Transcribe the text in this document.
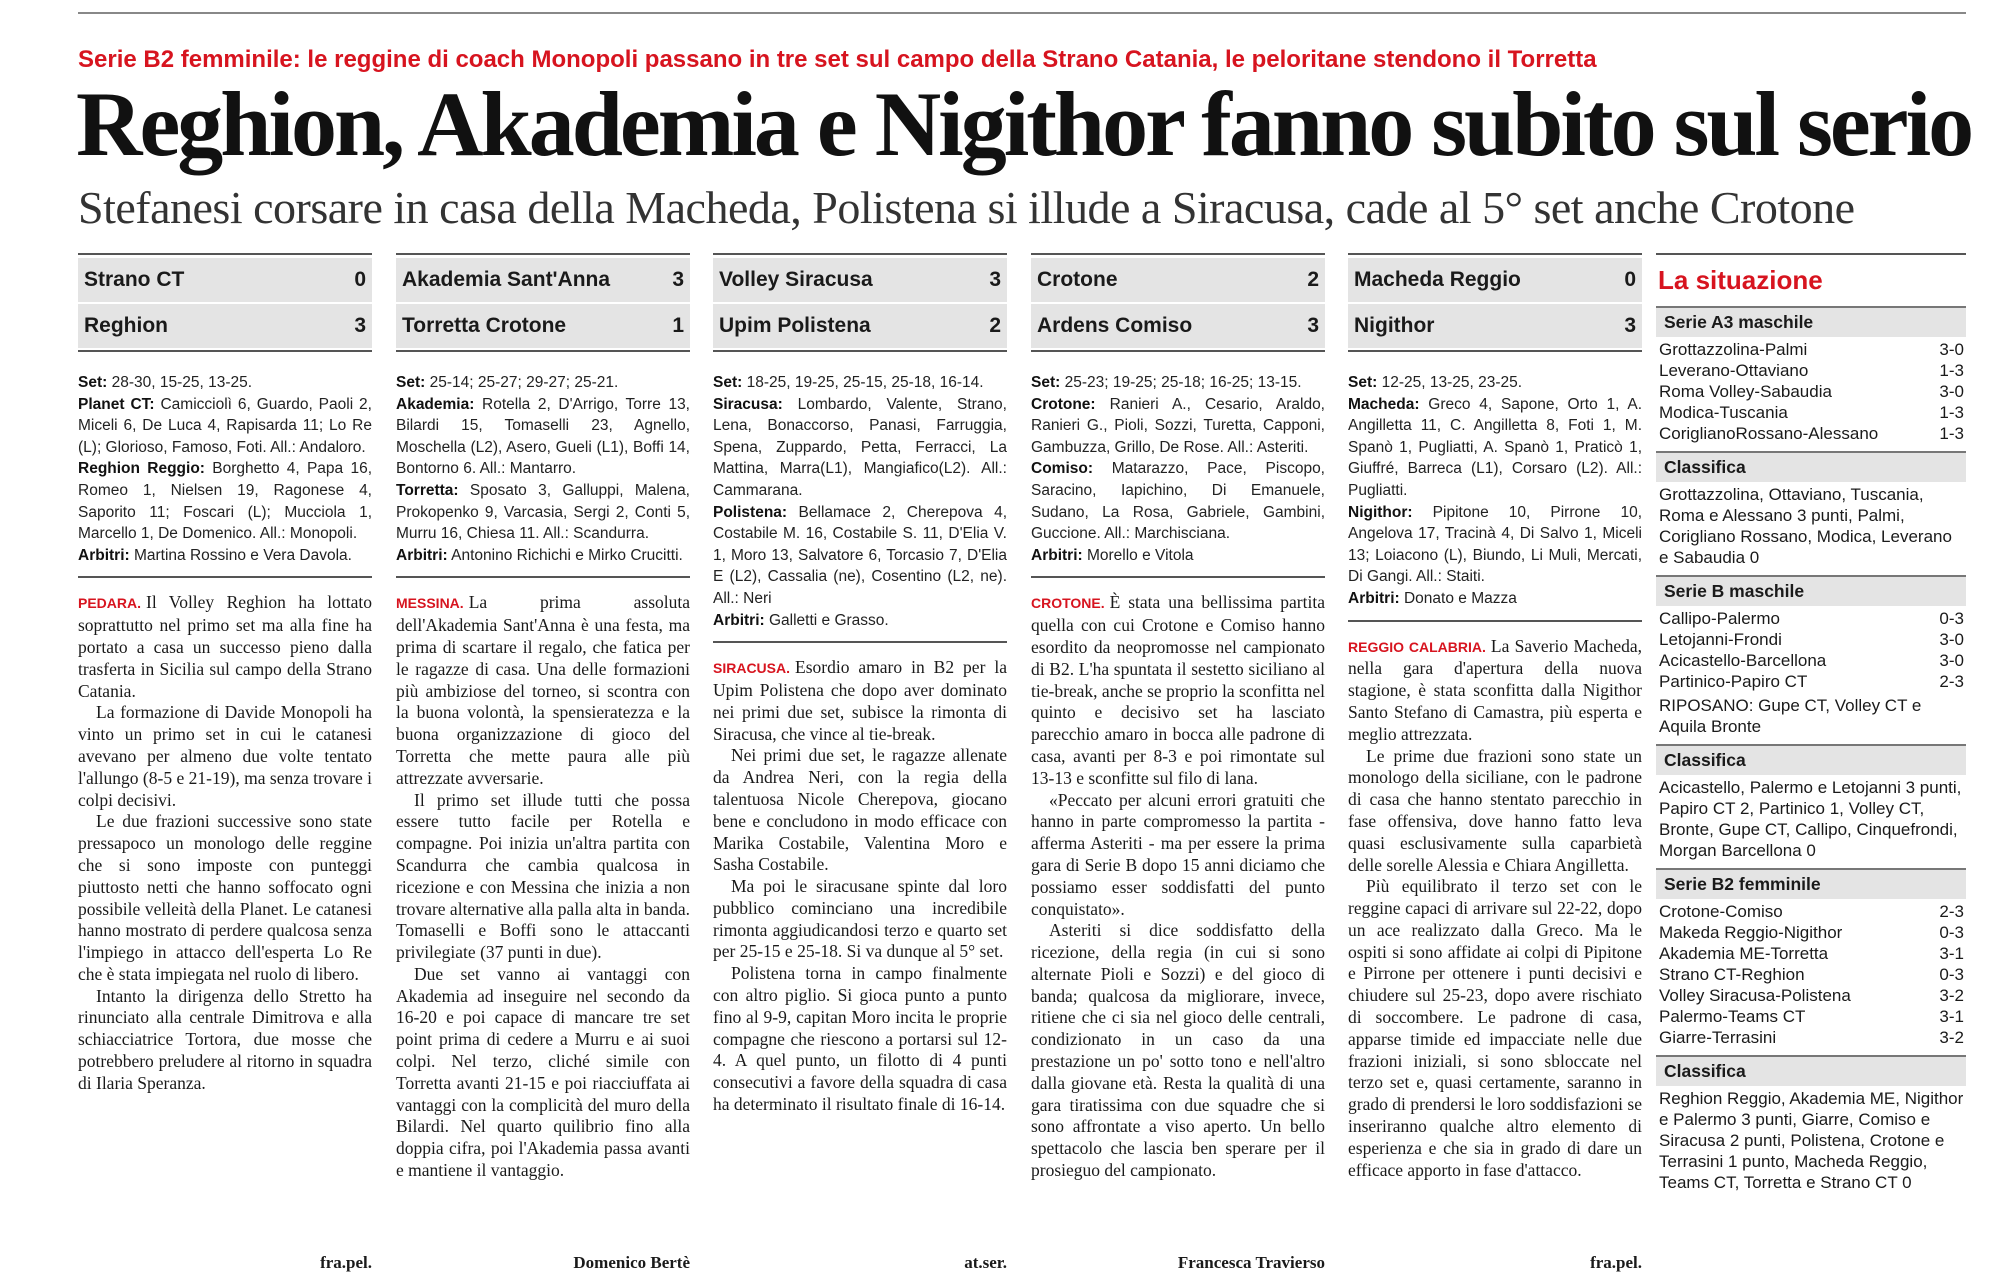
Serie B2 femminile: le reggine di coach Monopoli passano in tre set sul campo della Strano Catania, le peloritane stendono il Torretta
Reghion, Akademia e Nigithor fanno subito sul serio
Stefanesi corsare in casa della Macheda, Polistena si illude a Siracusa, cade al 5° set anche Crotone
Strano CT	0
Reghion	3
Set: 28-30, 15-25, 13-25.
Planet CT: Camicciolì 6, Guardo, Paoli 2, Miceli 6, De Luca 4, Rapisarda 11; Lo Re (L); Glorioso, Famoso, Foti. All.: Andaloro.
Reghion Reggio: Borghetto 4, Papa 16, Romeo 1, Nielsen 19, Ragonese 4, Saporito 11; Foscari (L); Mucciola 1, Marcello 1, De Domenico. All.: Monopoli.
Arbitri: Martina Rossino e Vera Davola.

PEDARA. Il Volley Reghion ha lottato soprattutto nel primo set ma alla fine ha portato a casa un successo pieno dalla trasferta in Sicilia sul campo della Strano Catania.

La formazione di Davide Monopoli ha vinto un primo set in cui le catanesi avevano per almeno due volte tentato l'allungo (8-5 e 21-19), ma senza trovare i colpi decisivi.

Le due frazioni successive sono state pressapoco un monologo delle reggine che si sono imposte con punteggi piuttosto netti che hanno soffocato ogni possibile velleità della Planet. Le catanesi hanno mostrato di perdere qualcosa senza l'impiego in attacco dell'esperta Lo Re che è stata impiegata nel ruolo di libero.

Intanto la dirigenza dello Stretto ha rinunciato alla centrale Dimitrova e alla schiacciatrice Tortora, due mosse che potrebbero preludere al ritorno in squadra di Ilaria Speranza.

fra.pel.
Akademia Sant'Anna	3
Torretta Crotone	1
Set: 25-14; 25-27; 29-27; 25-21.
Akademia: Rotella 2, D'Arrigo, Torre 13, Bilardi 15, Tomaselli 23, Agnello, Moschella (L2), Asero, Gueli (L1), Boffi 14, Bontorno 6. All.: Mantarro.
Torretta: Sposato 3, Galluppi, Malena, Prokopenko 9, Varcasia, Sergi 2, Conti 5, Murru 16, Chiesa 11. All.: Scandurra.
Arbitri: Antonino Richichi e Mirko Crucitti.

MESSINA. La prima assoluta dell'Akademia Sant'Anna è una festa, ma prima di scartare il regalo, che fatica per le ragazze di casa. Una delle formazioni più ambiziose del torneo, si scontra con la buona volontà, la spensieratezza e la buona organizzazione di gioco del Torretta che mette paura alle più attrezzate avversarie.

Il primo set illude tutti che possa essere tutto facile per Rotella e compagne. Poi inizia un'altra partita con Scandurra che cambia qualcosa in ricezione e con Messina che inizia a non trovare alternative alla palla alta in banda. Tomaselli e Boffi sono le attaccanti privilegiate (37 punti in due).

Due set vanno ai vantaggi con Akademia ad inseguire nel secondo da 16-20 e poi capace di mancare tre set point prima di cedere a Murru e ai suoi colpi. Nel terzo, cliché simile con Torretta avanti 21-15 e poi riacciuffata ai vantaggi con la complicità del muro della Bilardi. Nel quarto quilibrio fino alla doppia cifra, poi l'Akademia passa avanti e mantiene il vantaggio.

Domenico Bertè
Volley Siracusa	3
Upim Polistena	2
Set: 18-25, 19-25, 25-15, 25-18, 16-14.
Siracusa: Lombardo, Valente, Strano, Lena, Bonaccorso, Panasi, Farruggia, Spena, Zuppardo, Petta, Ferracci, La Mattina, Marra(L1), Mangiafico(L2). All.: Cammarana.
Polistena: Bellamace 2, Cherepova 4, Costabile M. 16, Costabile S. 11, D'Elia V. 1, Moro 13, Salvatore 6, Torcasio 7, D'Elia E (L2), Cassalia (ne), Cosentino (L2, ne). All.: Neri
Arbitri: Galletti e Grasso.

SIRACUSA. Esordio amaro in B2 per la Upim Polistena che dopo aver dominato nei primi due set, subisce la rimonta di Siracusa, che vince al tie-break.

Nei primi due set, le ragazze allenate da Andrea Neri, con la regia della talentuosa Nicole Cherepova, giocano bene e concludono in modo efficace con Marika Costabile, Valentina Moro e Sasha Costabile.

Ma poi le siracusane spinte dal loro pubblico cominciano una incredibile rimonta aggiudicandosi terzo e quarto set per 25-15 e 25-18. Si va dunque al 5° set.

Polistena torna in campo finalmente con altro piglio. Si gioca punto a punto fino al 9-9, capitan Moro incita le proprie compagne che riescono a portarsi sul 12-4. A quel punto, un filotto di 4 punti consecutivi a favore della squadra di casa ha determinato il risultato finale di 16-14.

at.ser.
Crotone	2
Ardens Comiso	3
Set: 25-23; 19-25; 25-18; 16-25; 13-15.
Crotone: Ranieri A., Cesario, Araldo, Ranieri G., Pioli, Sozzi, Turetta, Capponi, Gambuzza, Grillo, De Rose. All.: Asteriti.
Comiso: Matarazzo, Pace, Piscopo, Saracino, Iapichino, Di Emanuele, Sudano, La Rosa, Gabriele, Gambini, Guccione. All.: Marchisciana.
Arbitri: Morello e Vitola

CROTONE. È stata una bellissima partita quella con cui Crotone e Comiso hanno esordito da neopromosse nel campionato di B2. L'ha spuntata il sestetto siciliano al tie-break, anche se proprio la sconfitta nel quinto e decisivo set ha lasciato parecchio amaro in bocca alle padrone di casa, avanti per 8-3 e poi rimontate sul 13-13 e sconfitte sul filo di lana.

«Peccato per alcuni errori gratuiti che hanno in parte compromesso la partita - afferma Asteriti - ma per essere la prima gara di Serie B dopo 15 anni diciamo che possiamo esser soddisfatti del punto conquistato».

Asteriti si dice soddisfatto della ricezione, della regia (in cui si sono alternate Pioli e Sozzi) e del gioco di banda; qualcosa da migliorare, invece, ritiene che ci sia nel gioco delle centrali, condizionato in un caso da una prestazione un po' sotto tono e nell'altro dalla giovane età. Resta la qualità di una gara tiratissima con due squadre che si sono affrontate a viso aperto. Un bello spettacolo che lascia ben sperare per il prosieguo del campionato.

Francesca Travierso
Macheda Reggio	0
Nigithor	3
Set: 12-25, 13-25, 23-25.
Macheda: Greco 4, Sapone, Orto 1, A. Angilletta 11, C. Angilletta 8, Foti 1, M. Spanò 1, Pugliatti, A. Spanò 1, Praticò 1, Giuffré, Barreca (L1), Corsaro (L2). All.: Pugliatti.
Nigithor: Pipitone 10, Pirrone 10, Angelova 17, Tracinà 4, Di Salvo 1, Miceli 13; Loiacono (L), Biundo, Li Muli, Mercati, Di Gangi. All.: Staiti.
Arbitri: Donato e Mazza

REGGIO CALABRIA. La Saverio Macheda, nella gara d'apertura della nuova stagione, è stata sconfitta dalla Nigithor Santo Stefano di Camastra, più esperta e meglio attrezzata.

Le prime due frazioni sono state un monologo della siciliane, con le padrone di casa che hanno stentato parecchio in fase offensiva, dove hanno fatto leva quasi esclusivamente sulla caparbietà delle sorelle Alessia e Chiara Angilletta.

Più equilibrato il terzo set con le reggine capaci di arrivare sul 22-22, dopo un ace realizzato dalla Greco. Ma le ospiti si sono affidate ai colpi di Pipitone e Pirrone per ottenere i punti decisivi e chiudere sul 25-23, dopo avere rischiato di soccombere. Le padrone di casa, apparse timide ed impacciate nelle due frazioni iniziali, si sono sbloccate nel terzo set e, quasi certamente, saranno in grado di prendersi le loro soddisfazioni se inseriranno qualche altro elemento di esperienza e che sia in grado di dare un efficace apporto in fase d'attacco.

fra.pel.
La situazione
Serie A3 maschile
Grottazzolina-Palmi	3-0
Leverano-Ottaviano	1-3
Roma Volley-Sabaudia	3-0
Modica-Tuscania	1-3
CoriglianoRossano-Alessano	1-3
Classifica
Grottazzolina, Ottaviano, Tuscania, Roma e Alessano 3 punti, Palmi, Corigliano Rossano, Modica, Leverano e Sabaudia 0
Serie B maschile
Callipo-Palermo	0-3
Letojanni-Frondi	3-0
Acicastello-Barcellona	3-0
Partinico-Papiro CT	2-3
RIPOSANO: Gupe CT, Volley CT e Aquila Bronte
Classifica
Acicastello, Palermo e Letojanni 3 punti, Papiro CT 2, Partinico 1, Volley CT, Bronte, Gupe CT, Callipo, Cinquefrondi, Morgan Barcellona 0
Serie B2 femminile
Crotone-Comiso	2-3
Makeda Reggio-Nigithor	0-3
Akademia ME-Torretta	3-1
Strano CT-Reghion	0-3
Volley Siracusa-Polistena	3-2
Palermo-Teams CT	3-1
Giarre-Terrasini	3-2
Classifica
Reghion Reggio, Akademia ME, Nigithor e Palermo 3 punti, Giarre, Comiso e Siracusa 2 punti, Polistena, Crotone e Terrasini 1 punto, Macheda Reggio, Teams CT, Torretta e Strano CT 0
